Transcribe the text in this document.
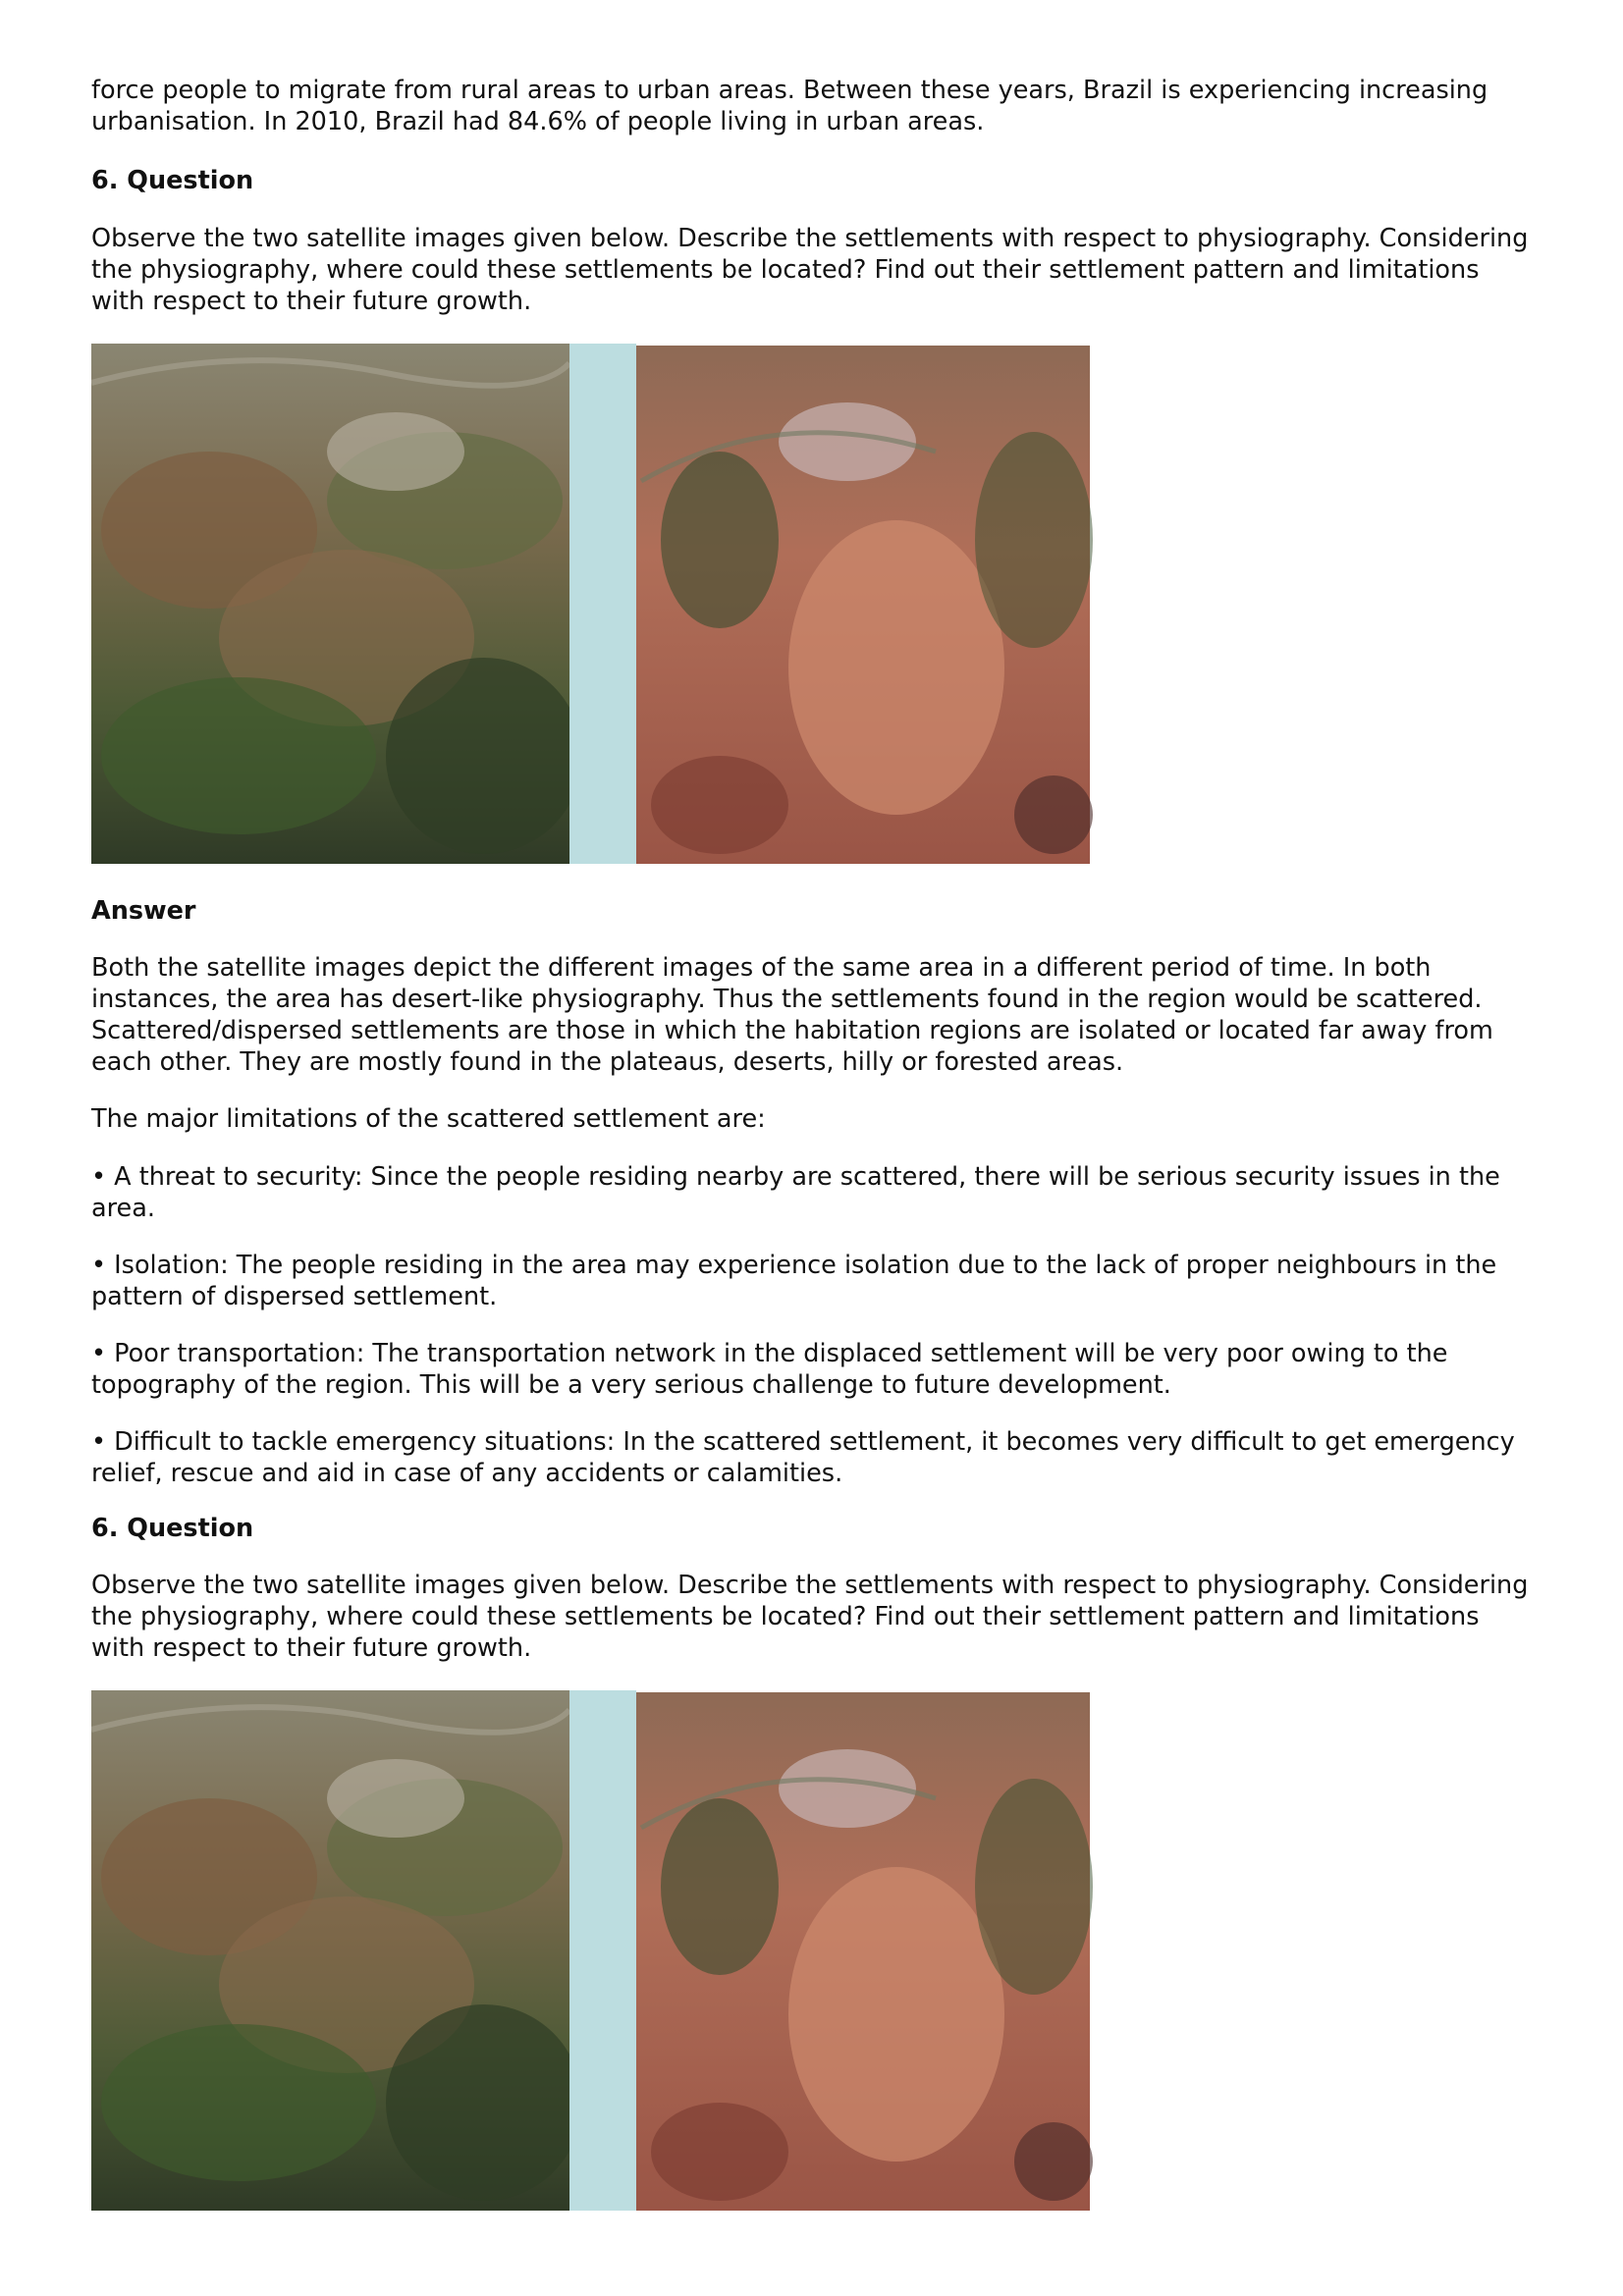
force people to migrate from rural areas to urban areas. Between these years, Brazil is experiencing increasing urbanisation. In 2010, Brazil had 84.6% of people living in urban areas.

6. Question

Observe the two satellite images given below. Describe the settlements with respect to physiography. Considering the physiography, where could these settlements be located? Find out their settlement pattern and limitations with respect to their future growth.

Answer

Both the satellite images depict the different images of the same area in a different period of time. In both instances, the area has desert-like physiography. Thus the settlements found in the region would be scattered. Scattered/dispersed settlements are those in which the habitation regions are isolated or located far away from each other. They are mostly found in the plateaus, deserts, hilly or forested areas.

The major limitations of the scattered settlement are:

• A threat to security: Since the people residing nearby are scattered, there will be serious security issues in the area.

• Isolation: The people residing in the area may experience isolation due to the lack of proper neighbours in the pattern of dispersed settlement.

• Poor transportation: The transportation network in the displaced settlement will be very poor owing to the topography of the region. This will be a very serious challenge to future development.

• Difficult to tackle emergency situations: In the scattered settlement, it becomes very difficult to get emergency relief, rescue and aid in case of any accidents or calamities.

6. Question

Observe the two satellite images given below. Describe the settlements with respect to physiography. Considering the physiography, where could these settlements be located? Find out their settlement pattern and limitations with respect to their future growth.
